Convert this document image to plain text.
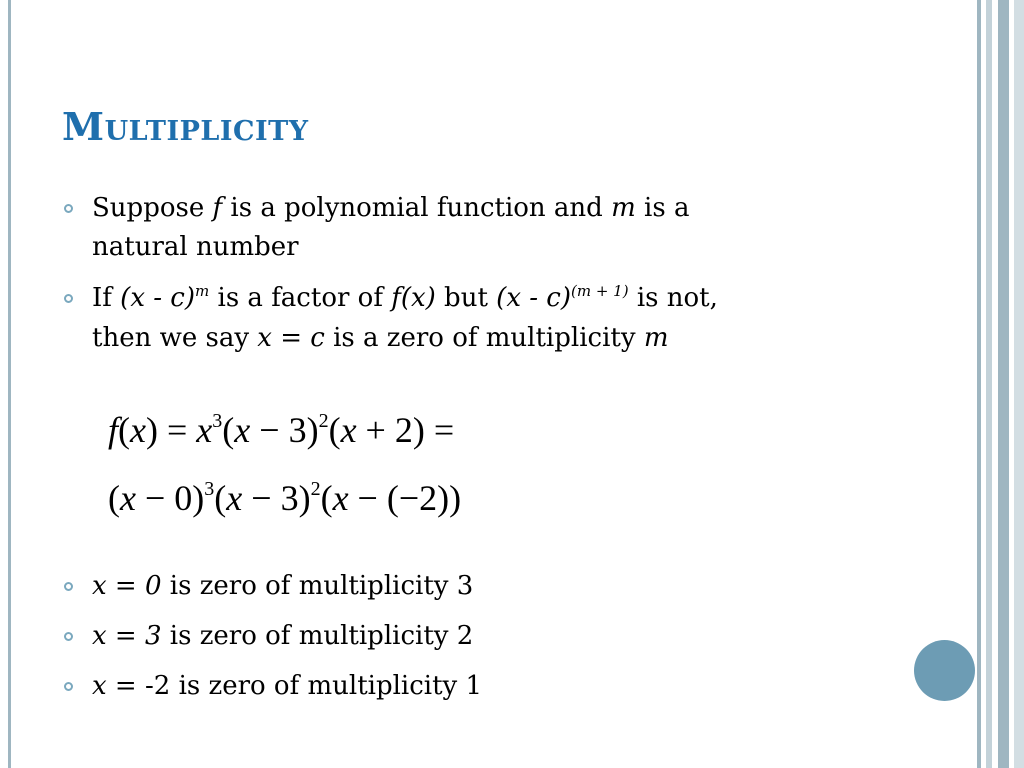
Multiplicity

Suppose f is a polynomial function and m is a

natural number

If (x - c)$^m$ is a factor of f(x) but (x - c)$^{(m + 1)}$ is not,

then we say x = c is a zero of multiplicity m

$f(x) = x^3(x - 3)^2(x + 2)$ =
$(x - 0)^3(x - 3)^2(x - (-2))$

x = 0 is zero of multiplicity 3

x = 3 is zero of multiplicity 2

x = -2 is zero of multiplicity 1
